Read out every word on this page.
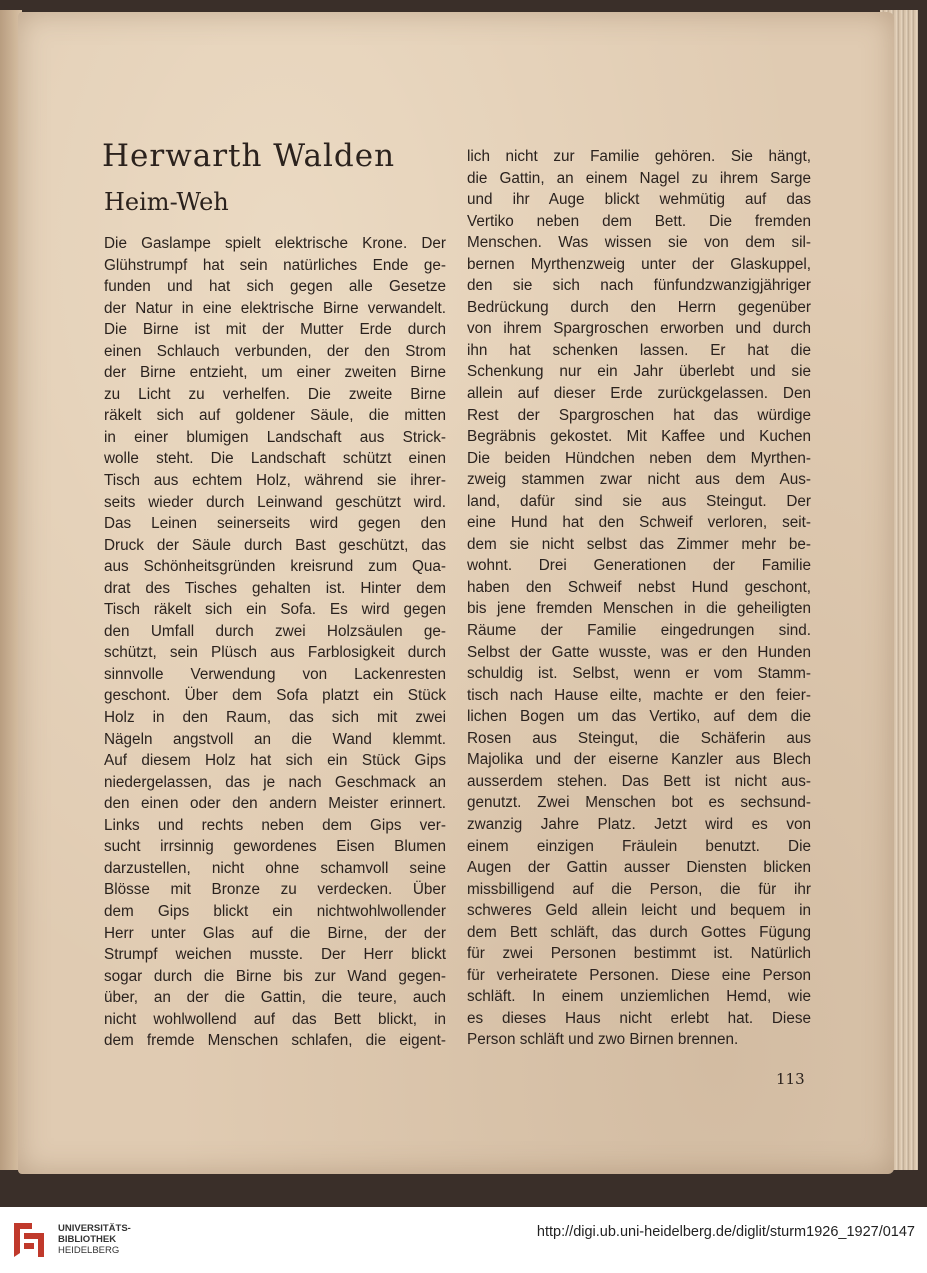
Herwarth Walden
Heim-Weh
Die Gaslampe spielt elektrische Krone. Der
Glühstrumpf hat sein natürliches Ende ge-
funden und hat sich gegen alle Gesetze
der Natur in eine elektrische Birne verwandelt.
Die Birne ist mit der Mutter Erde durch
einen Schlauch verbunden, der den Strom
der Birne entzieht, um einer zweiten Birne
zu Licht zu verhelfen. Die zweite Birne
räkelt sich auf goldener Säule, die mitten
in einer blumigen Landschaft aus Strick-
wolle steht. Die Landschaft schützt einen
Tisch aus echtem Holz, während sie ihrer-
seits wieder durch Leinwand geschützt wird.
Das Leinen seinerseits wird gegen den
Druck der Säule durch Bast geschützt, das
aus Schönheitsgründen kreisrund zum Qua-
drat des Tisches gehalten ist. Hinter dem
Tisch räkelt sich ein Sofa. Es wird gegen
den Umfall durch zwei Holzsäulen ge-
schützt, sein Plüsch aus Farblosigkeit durch
sinnvolle Verwendung von Lackenresten
geschont. Über dem Sofa platzt ein Stück
Holz in den Raum, das sich mit zwei
Nägeln angstvoll an die Wand klemmt.
Auf diesem Holz hat sich ein Stück Gips
niedergelassen, das je nach Geschmack an
den einen oder den andern Meister erinnert.
Links und rechts neben dem Gips ver-
sucht irrsinnig gewordenes Eisen Blumen
darzustellen, nicht ohne schamvoll seine
Blösse mit Bronze zu verdecken. Über
dem Gips blickt ein nichtwohlwollender
Herr unter Glas auf die Birne, der der
Strumpf weichen musste. Der Herr blickt
sogar durch die Birne bis zur Wand gegen-
über, an der die Gattin, die teure, auch
nicht wohlwollend auf das Bett blickt, in
dem fremde Menschen schlafen, die eigent-
lich nicht zur Familie gehören. Sie hängt,
die Gattin, an einem Nagel zu ihrem Sarge
und ihr Auge blickt wehmütig auf das
Vertiko neben dem Bett. Die fremden
Menschen. Was wissen sie von dem sil-
bernen Myrthenzweig unter der Glaskuppel,
den sie sich nach fünfundzwanzigjähriger
Bedrückung durch den Herrn gegenüber
von ihrem Spargroschen erworben und durch
ihn hat schenken lassen. Er hat die
Schenkung nur ein Jahr überlebt und sie
allein auf dieser Erde zurückgelassen. Den
Rest der Spargroschen hat das würdige
Begräbnis gekostet. Mit Kaffee und Kuchen
Die beiden Hündchen neben dem Myrthen-
zweig stammen zwar nicht aus dem Aus-
land, dafür sind sie aus Steingut. Der
eine Hund hat den Schweif verloren, seit-
dem sie nicht selbst das Zimmer mehr be-
wohnt. Drei Generationen der Familie
haben den Schweif nebst Hund geschont,
bis jene fremden Menschen in die geheiligten
Räume der Familie eingedrungen sind.
Selbst der Gatte wusste, was er den Hunden
schuldig ist. Selbst, wenn er vom Stamm-
tisch nach Hause eilte, machte er den feier-
lichen Bogen um das Vertiko, auf dem die
Rosen aus Steingut, die Schäferin aus
Majolika und der eiserne Kanzler aus Blech
ausserdem stehen. Das Bett ist nicht aus-
genutzt. Zwei Menschen bot es sechsund-
zwanzig Jahre Platz. Jetzt wird es von
einem einzigen Fräulein benutzt. Die
Augen der Gattin ausser Diensten blicken
missbilligend auf die Person, die für ihr
schweres Geld allein leicht und bequem in
dem Bett schläft, das durch Gottes Fügung
für zwei Personen bestimmt ist. Natürlich
für verheiratete Personen. Diese eine Person
schläft. In einem unziemlichen Hemd, wie
es dieses Haus nicht erlebt hat. Diese
Person schläft und zwo Birnen brennen.
113
UNIVERSITÄTS-
BIBLIOTHEK
HEIDELBERG
http://digi.ub.uni-heidelberg.de/diglit/sturm1926_1927/0147
